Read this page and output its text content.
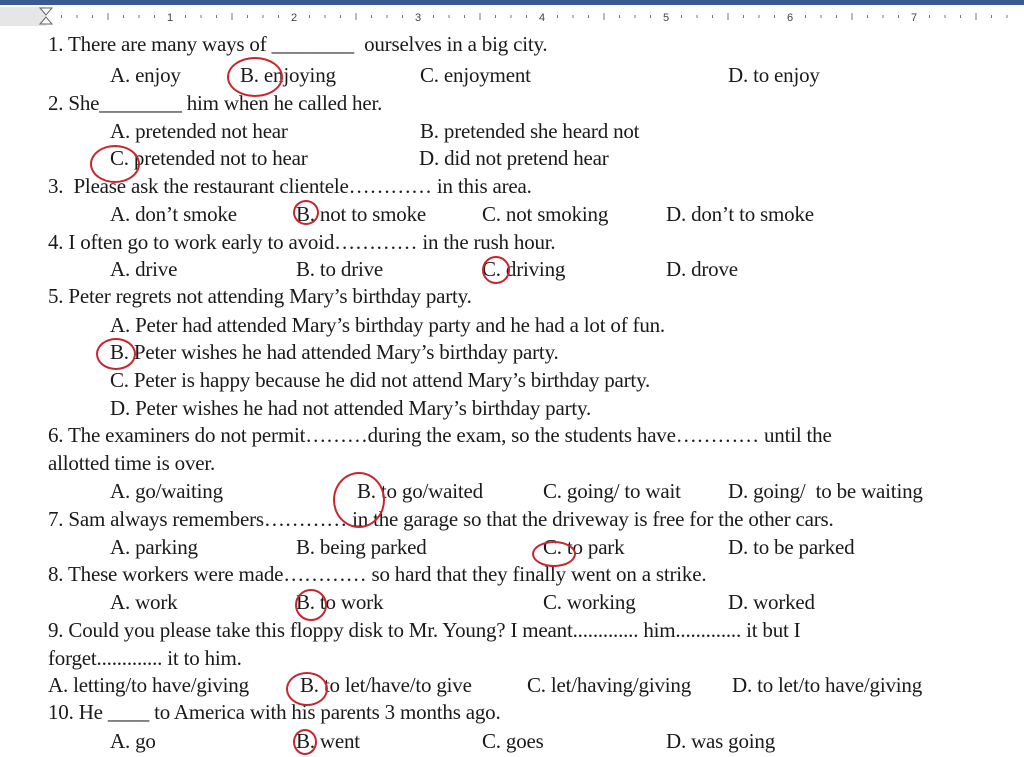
1	2	3	4	5	6	7
1. There are many ways of ________  ourselves in a big city.
A. enjoy	B. enjoying	C. enjoyment	D. to enjoy
2. She________ him when he called her.
A. pretended not hear	B. pretended she heard not
C. pretended not to hear	D. did not pretend hear
3.  Please ask the restaurant clientele………… in this area.
A. don’t smoke	B. not to smoke	C. not smoking	D. don’t to smoke
4. I often go to work early to avoid………… in the rush hour.
A. drive	B. to drive	C. driving	D. drove
5. Peter regrets not attending Mary’s birthday party.
A. Peter had attended Mary’s birthday party and he had a lot of fun.
B. Peter wishes he had attended Mary’s birthday party.
C. Peter is happy because he did not attend Mary’s birthday party.
D. Peter wishes he had not attended Mary’s birthday party.
6. The examiners do not permit………during the exam, so the students have………… until the
allotted time is over.
A. go/waiting	B. to go/waited	C. going/ to wait D. going/  to be waiting
7. Sam always remembers………… in the garage so that the driveway is free for the other cars.
A. parking	B. being parked	C. to park	D. to be parked
8. These workers were made………… so hard that they finally went on a strike.
A. work	B. to work	C. working	D. worked
9. Could you please take this floppy disk to Mr. Young? I meant............. him............. it but I
forget............. it to him.
A. letting/to have/giving B. to let/have/to give	C. let/having/giving D. to let/to have/giving
10. He ____ to America with his parents 3 months ago.
A. go	B. went	C. goes	D. was going
